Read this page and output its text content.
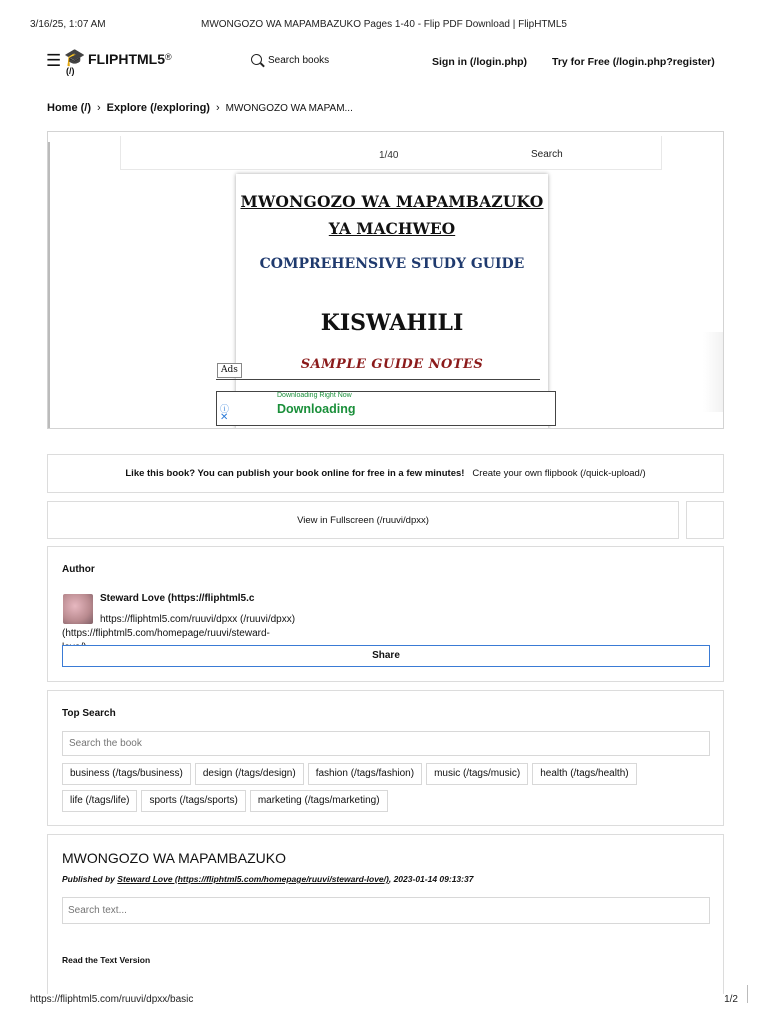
3/16/25, 1:07 AM	MWONGOZO WA MAPAMBAZUKO Pages 1-40 - Flip PDF Download | FlipHTML5
☰ 🎓 FLIPHTML5®
(/)
Search books	Sign in (/login.php) Try for Free (/login.php?register)
Home (/) › Explore (/exploring) › MWONGOZO WA MAPAM...
1/40	Search
MWONGOZO WA MAPAMBAZUKO
YA MACHWEO
COMPREHENSIVE STUDY GUIDE
KISWAHILI
SAMPLE GUIDE NOTES
Ads
Downloading Right Now
Downloading
ⓘ
✕
Like this book? You can publish your book online for free in a few minutes! Create your own flipbook (/quick-upload/)
View in Fullscreen (/ruuvi/dpxx)
Author
Steward Love (https://fliphtml5.c
https://fliphtml5.com/ruuvi/dpxx (/ruuvi/dpxx)
(https://fliphtml5.com/homepage/ruuvi/steward-
Share
Top Search
Search the book
business (/tags/business) design (/tags/design) fashion (/tags/fashion) music (/tags/music) health (/tags/health)
life (/tags/life) sports (/tags/sports) marketing (/tags/marketing)
MWONGOZO WA MAPAMBAZUKO
Published by Steward Love (https://fliphtml5.com/homepage/ruuvi/steward-love/), 2023-01-14 09:13:37
Search text...
Read the Text Version
https://fliphtml5.com/ruuvi/dpxx/basic	1/2
